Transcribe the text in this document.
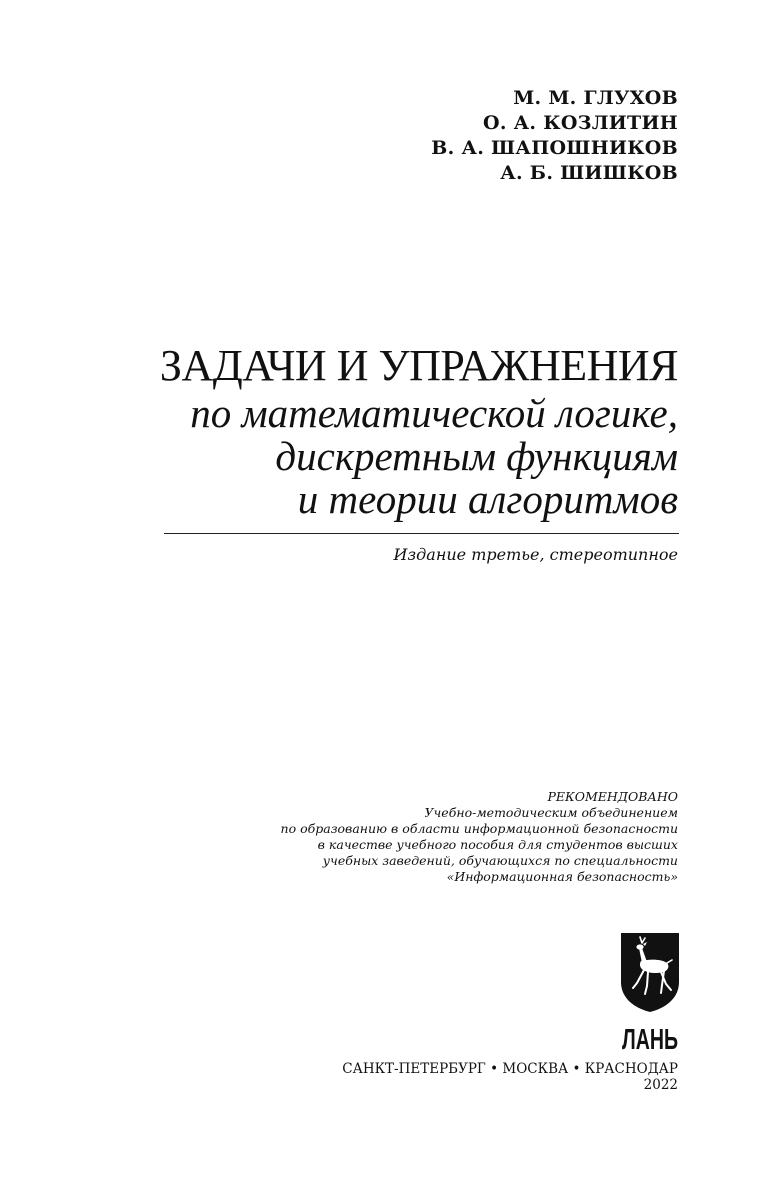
М. М. ГЛУХОВ
О. А. КОЗЛИТИН
В. А. ШАПОШНИКОВ
А. Б. ШИШКОВ
ЗАДАЧИ И УПРАЖНЕНИЯ
по математической логике,
дискретным функциям
и теории алгоритмов
Издание третье, стереотипное
РЕКОМЕНДОВАНО
Учебно-методическим объединением
по образованию в области информационной безопасности
в качестве учебного пособия для студентов высших
учебных заведений, обучающихся по специальности
«Информационная безопасность»
ЛАНЬ
САНКТ-ПЕТЕРБУРГ • МОСКВА • КРАСНОДАР
2022
